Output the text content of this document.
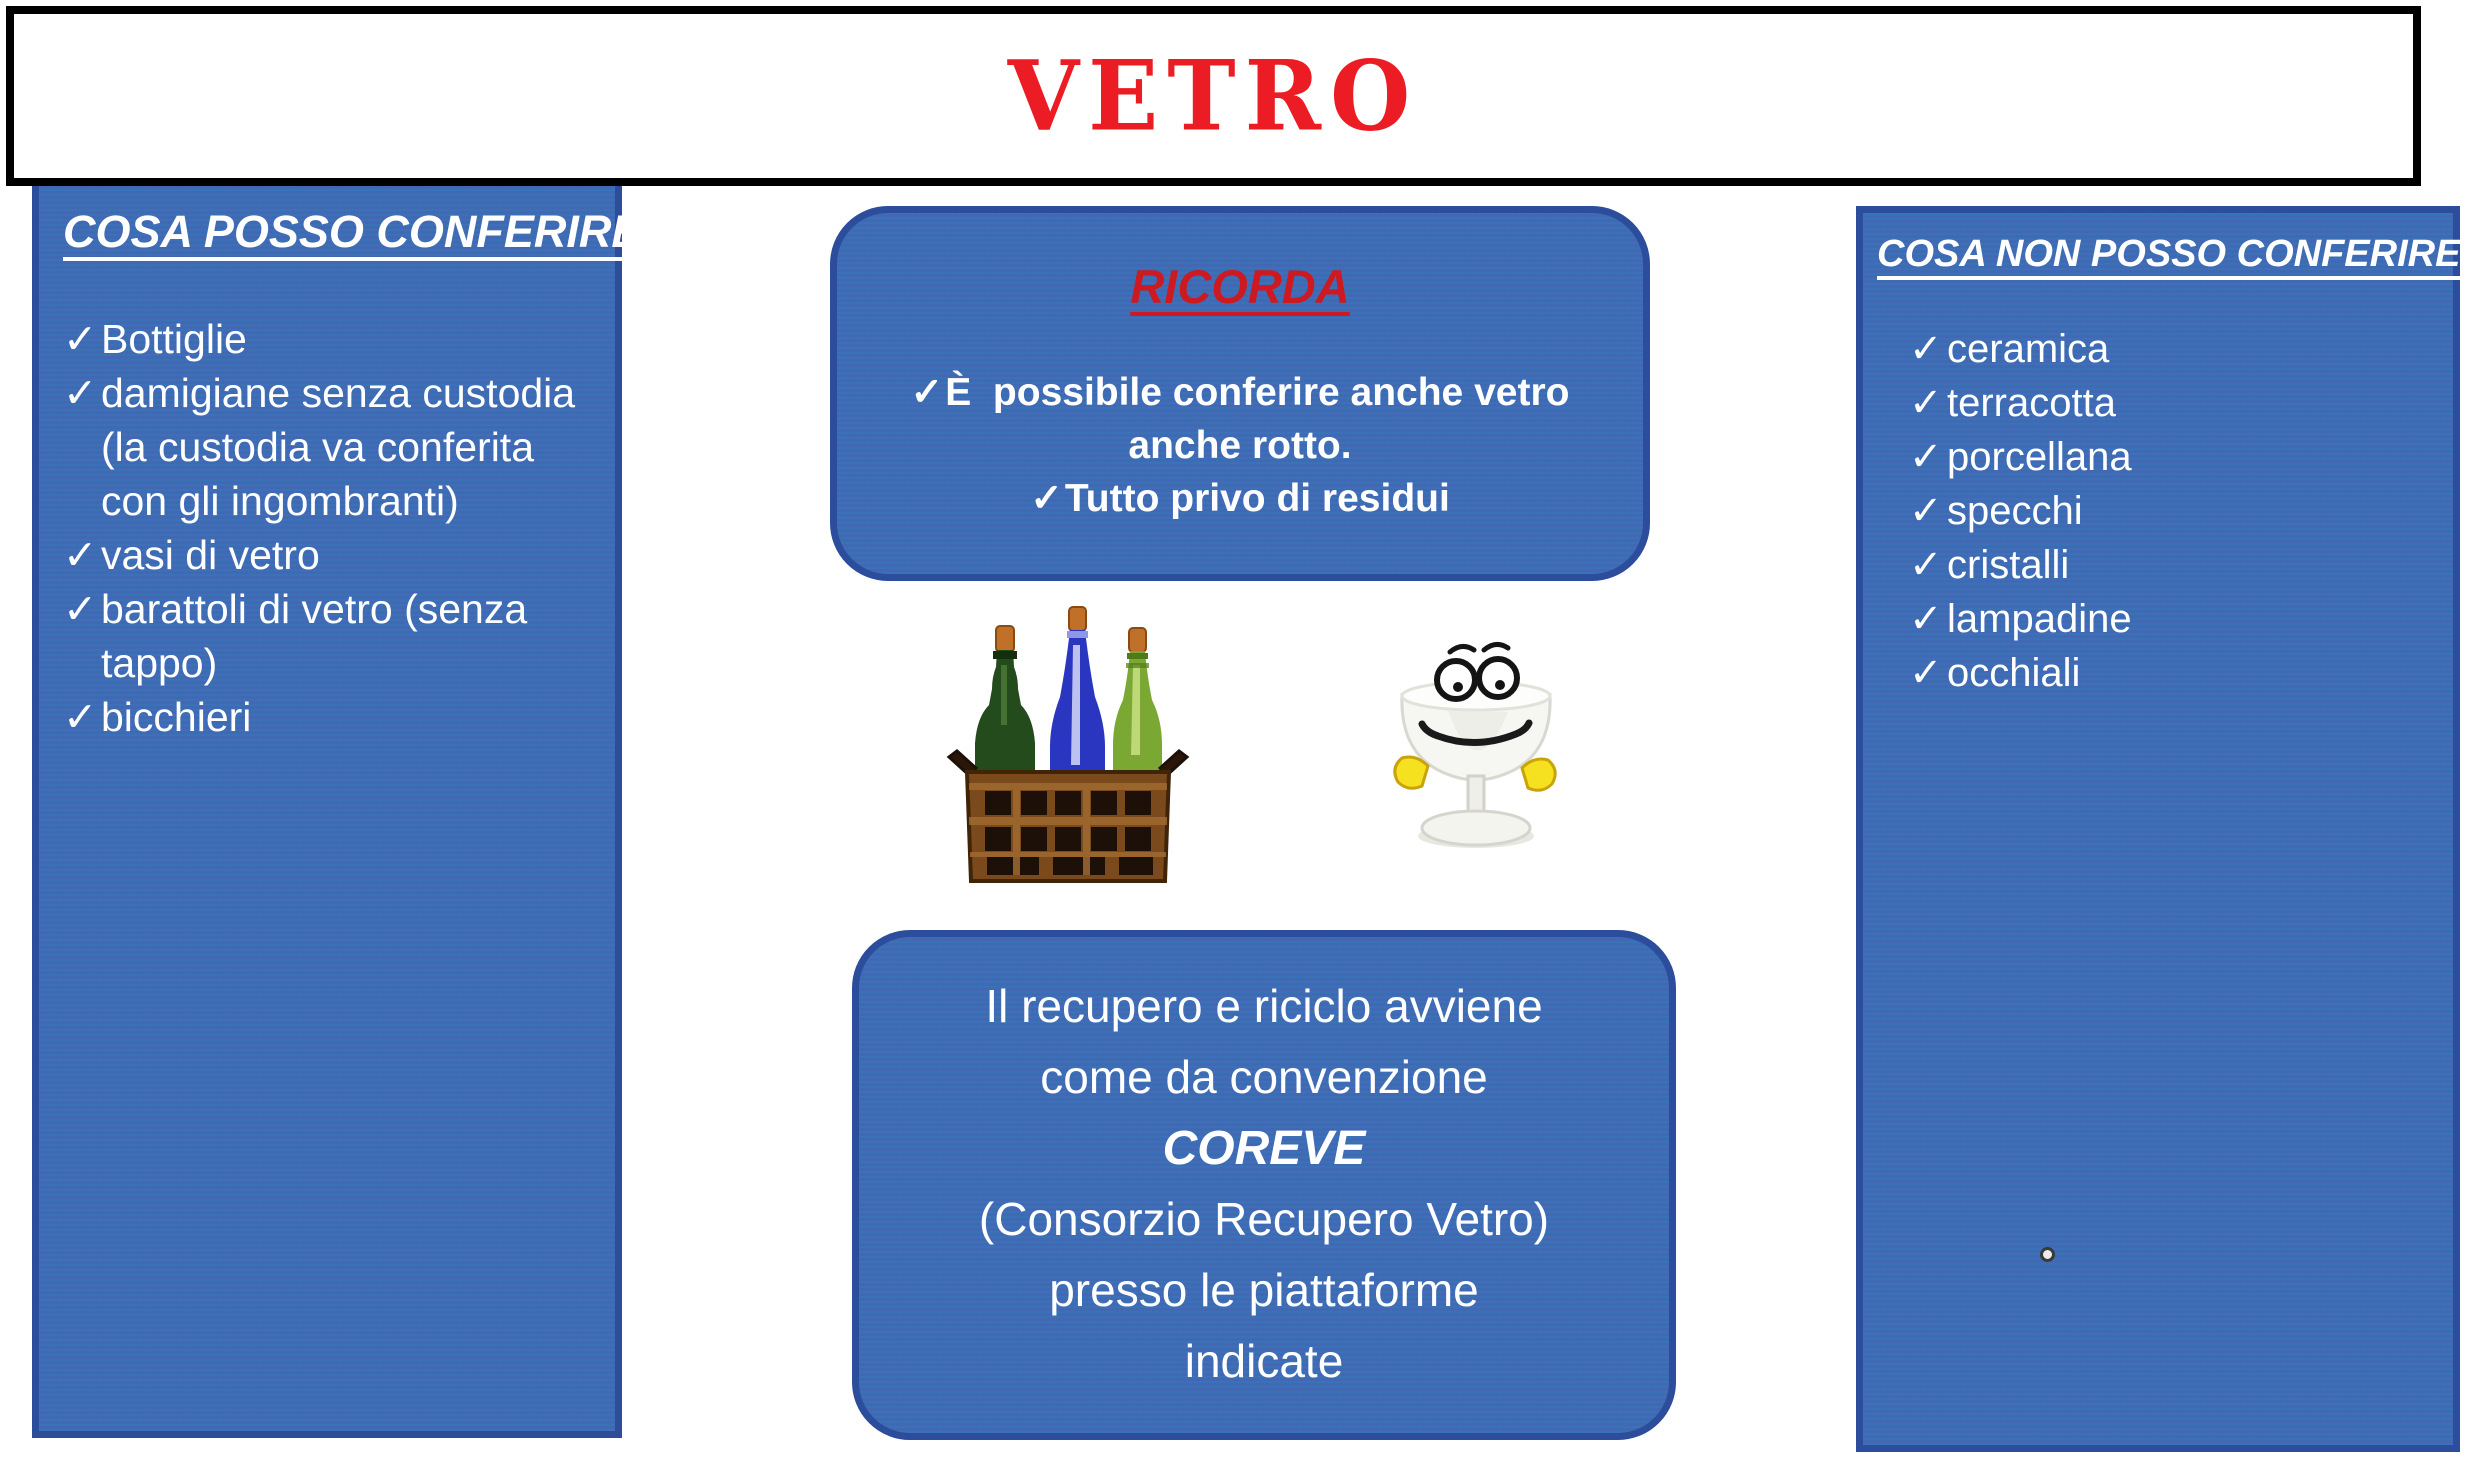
VETRO
COSA POSSO CONFERIRE
✓Bottiglie
✓damigiane senza custodia
(la custodia va conferita
con gli ingombranti)
✓vasi di vetro
✓barattoli di vetro (senza
tappo)
✓bicchieri
RICORDA
✓È  possibile conferire anche vetro
anche rotto.
✓Tutto privo di residui
Il recupero e riciclo avviene
come da convenzione
COREVE
(Consorzio Recupero Vetro)
presso le piattaforme
indicate
COSA NON POSSO CONFERIRE
✓ ceramica
✓ terracotta
✓ porcellana
✓ specchi
✓ cristalli
✓ lampadine
✓ occhiali
